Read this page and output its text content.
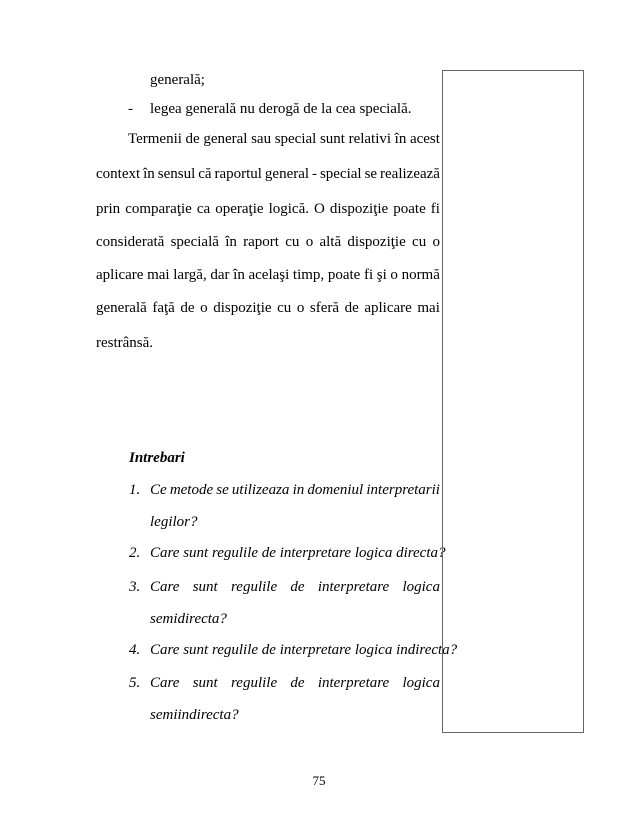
generală;
- legea generală nu derogă de la cea specială.
Termenii de general sau special sunt relativi în acest
context în sensul că raportul general - special se realizează
prin comparaţie ca operaţie logică. O dispoziţie poate fi
considerată specială în raport cu o altă dispoziţie cu o
aplicare mai largă, dar în acelaşi timp, poate fi şi o normă
generală faţă de o dispoziţie cu o sferă de aplicare mai
restrânsă.
Intrebari
1. Ce metode se utilizeaza in domeniul interpretarii
legilor?
2. Care sunt regulile de interpretare logica directa?
3. Care sunt regulile de interpretare logica
semidirecta?
4. Care sunt regulile de interpretare logica indirecta?
5. Care sunt regulile de interpretare logica
semiindirecta?
75
